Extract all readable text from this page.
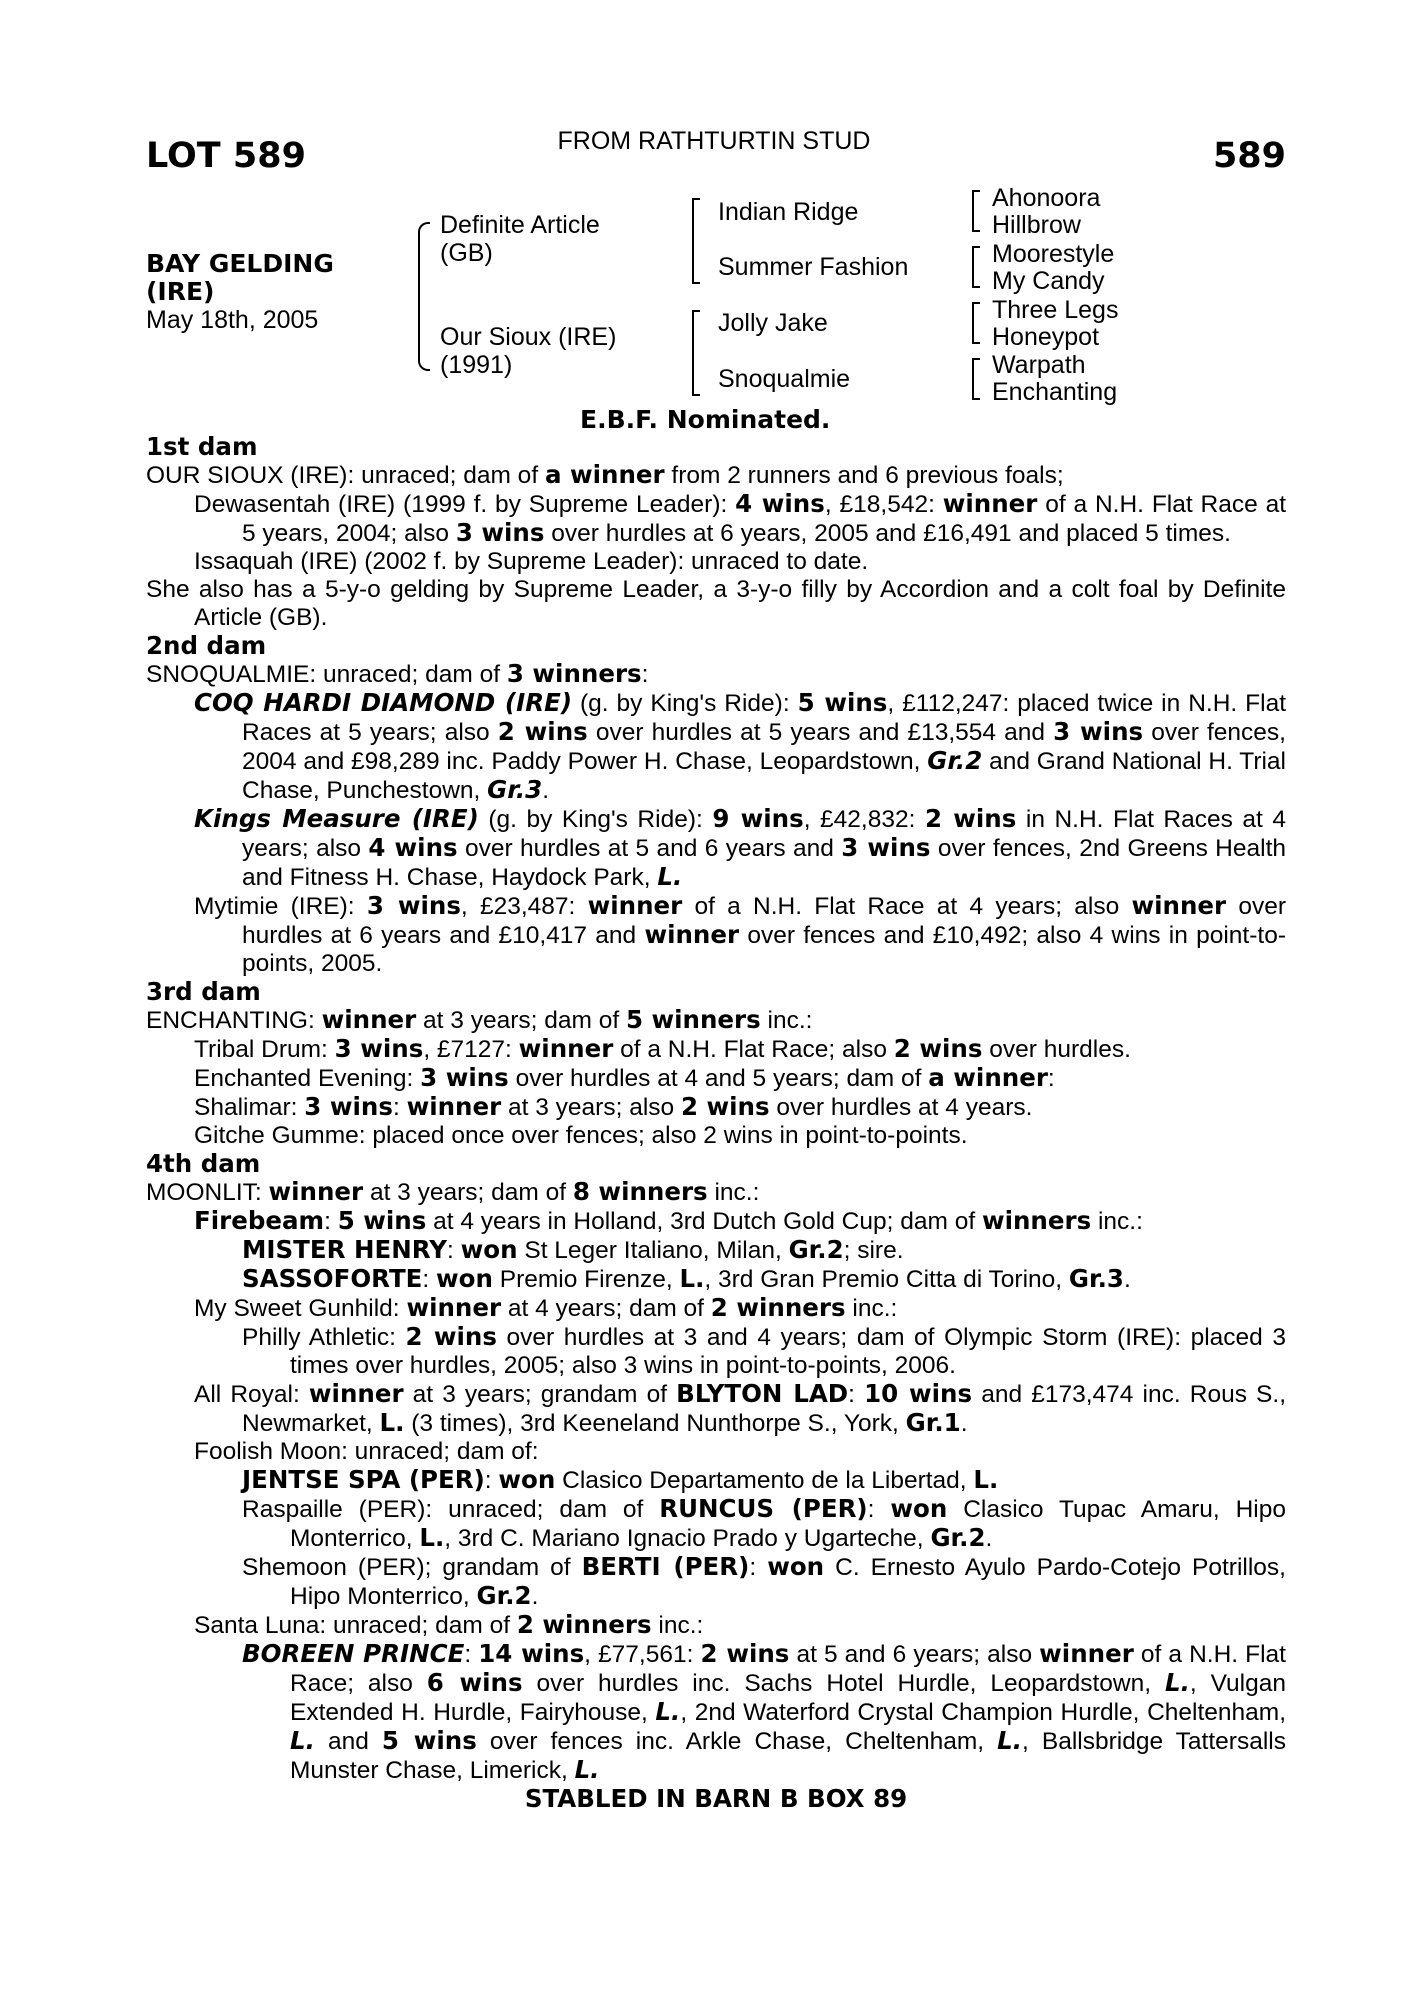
LOT 589	FROM RATHTURTIN STUD	589
BAY GELDING
(IRE)
May 18th, 2005
Definite Article
(GB)
Our Sioux (IRE)
(1991)
Indian Ridge
Summer Fashion
Jolly Jake
Snoqualmie
Ahonoora
Hillbrow
Moorestyle
My Candy
Three Legs
Honeypot
Warpath
Enchanting
E.B.F. Nominated.

1st dam

OUR SIOUX (IRE): unraced; dam of a winner from 2 runners and 6 previous foals;

Dewasentah (IRE) (1999 f. by Supreme Leader): 4 wins, £18,542: winner of a N.H. Flat Race at 5 years, 2004; also 3 wins over hurdles at 6 years, 2005 and £16,491 and placed 5 times.

Issaquah (IRE) (2002 f. by Supreme Leader): unraced to date.

She also has a 5-y-o gelding by Supreme Leader, a 3-y-o filly by Accordion and a colt foal by Definite Article (GB).

2nd dam

SNOQUALMIE: unraced; dam of 3 winners:

COQ HARDI DIAMOND (IRE) (g. by King's Ride): 5 wins, £112,247: placed twice in N.H. Flat Races at 5 years; also 2 wins over hurdles at 5 years and £13,554 and 3 wins over fences, 2004 and £98,289 inc. Paddy Power H. Chase, Leopardstown, Gr.2 and Grand National H. Trial Chase, Punchestown, Gr.3.

Kings Measure (IRE) (g. by King's Ride): 9 wins, £42,832: 2 wins in N.H. Flat Races at 4 years; also 4 wins over hurdles at 5 and 6 years and 3 wins over fences, 2nd Greens Health and Fitness H. Chase, Haydock Park, L.

Mytimie (IRE): 3 wins, £23,487: winner of a N.H. Flat Race at 4 years; also winner over hurdles at 6 years and £10,417 and winner over fences and £10,492; also 4 wins in point-to-points, 2005.

3rd dam

ENCHANTING: winner at 3 years; dam of 5 winners inc.:

Tribal Drum: 3 wins, £7127: winner of a N.H. Flat Race; also 2 wins over hurdles.

Enchanted Evening: 3 wins over hurdles at 4 and 5 years; dam of a winner:

Shalimar: 3 wins: winner at 3 years; also 2 wins over hurdles at 4 years.

Gitche Gumme: placed once over fences; also 2 wins in point-to-points.

4th dam

MOONLIT: winner at 3 years; dam of 8 winners inc.:

Firebeam: 5 wins at 4 years in Holland, 3rd Dutch Gold Cup; dam of winners inc.:

MISTER HENRY: won St Leger Italiano, Milan, Gr.2; sire.

SASSOFORTE: won Premio Firenze, L., 3rd Gran Premio Citta di Torino, Gr.3.

My Sweet Gunhild: winner at 4 years; dam of 2 winners inc.:

Philly Athletic: 2 wins over hurdles at 3 and 4 years; dam of Olympic Storm (IRE): placed 3 times over hurdles, 2005; also 3 wins in point-to-points, 2006.

All Royal: winner at 3 years; grandam of BLYTON LAD: 10 wins and £173,474 inc. Rous S., Newmarket, L. (3 times), 3rd Keeneland Nunthorpe S., York, Gr.1.

Foolish Moon: unraced; dam of:

JENTSE SPA (PER): won Clasico Departamento de la Libertad, L.

Raspaille (PER): unraced; dam of RUNCUS (PER): won Clasico Tupac Amaru, Hipo Monterrico, L., 3rd C. Mariano Ignacio Prado y Ugarteche, Gr.2.

Shemoon (PER); grandam of BERTI (PER): won C. Ernesto Ayulo Pardo-Cotejo Potrillos, Hipo Monterrico, Gr.2.

Santa Luna: unraced; dam of 2 winners inc.:

BOREEN PRINCE: 14 wins, £77,561: 2 wins at 5 and 6 years; also winner of a N.H. Flat Race; also 6 wins over hurdles inc. Sachs Hotel Hurdle, Leopardstown, L., Vulgan Extended H. Hurdle, Fairyhouse, L., 2nd Waterford Crystal Champion Hurdle, Cheltenham, L. and 5 wins over fences inc. Arkle Chase, Cheltenham, L., Ballsbridge Tattersalls Munster Chase, Limerick, L.

STABLED IN BARN B BOX 89
